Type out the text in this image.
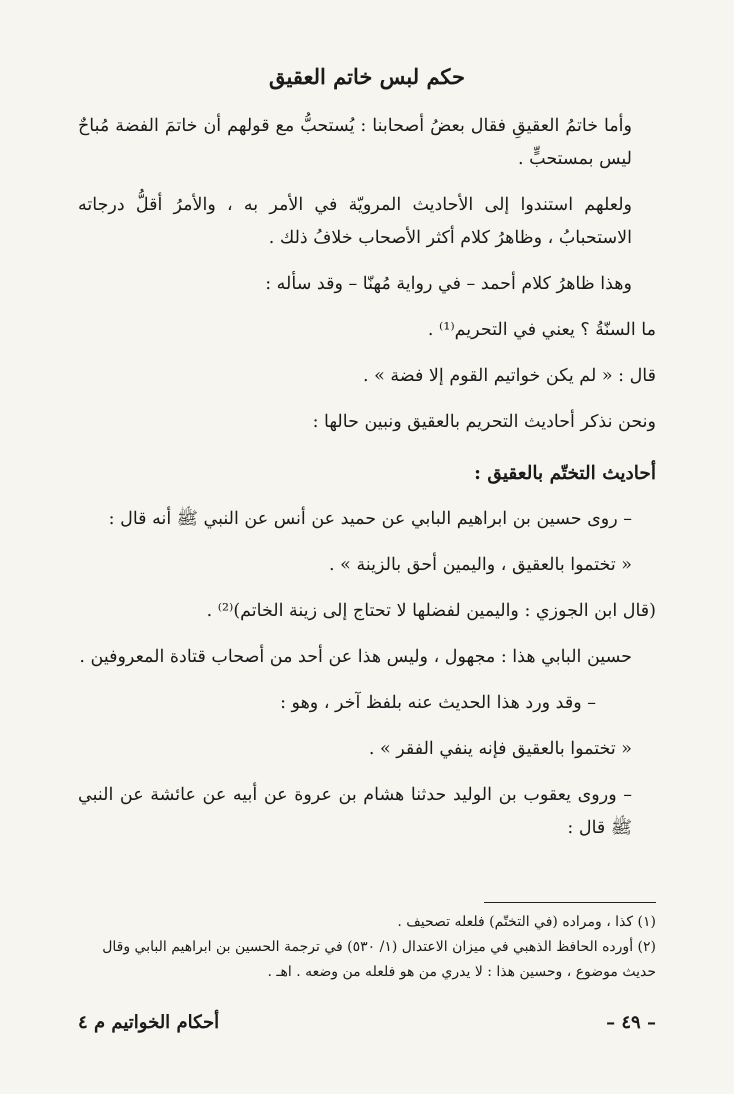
حكم لبس خاتم العقيق

وأما خاتمُ العقيقِ فقال بعضُ أصحابنا : يُستحبُّ مع قولهم أن خاتمَ الفضة مُباحٌ ليس بمستحبٍّ .

ولعلهم استندوا إلى الأحاديث المرويّة في الأمر به ، والأمرُ أقلُّ درجاته الاستحبابُ ، وظاهرُ كلام أكثر الأصحاب خلافُ ذلك .

وهذا ظاهرُ كلام أحمد – في رواية مُهنّا – وقد سأله :

ما السنّةُ ؟ يعني في التحريم⁽¹⁾ .

قال : « لم يكن خواتيم القوم إلا فضة » .

ونحن نذكر أحاديث التحريم بالعقيق ونبين حالها :

أحاديث التختّم بالعقيق :

– روى حسين بن ابراهيم البابي عن حميد عن أنس عن النبي ﷺ أنه قال :

« تختموا بالعقيق ، واليمين أحق بالزينة » .

(قال ابن الجوزي : واليمين لفضلها لا تحتاج إلى زينة الخاتم)⁽²⁾ .

حسين البابي هذا : مجهول ، وليس هذا عن أحد من أصحاب قتادة المعروفين .

– وقد ورد هذا الحديث عنه بلفظ آخر ، وهو :

« تختموا بالعقيق فإنه ينفي الفقر » .

– وروى يعقوب بن الوليد حدثنا هشام بن عروة عن أبيه عن عائشة عن النبي ﷺ قال :

(١) كذا ، ومراده (في التختّم) فلعله تصحيف .

(٢) أورده الحافظ الذهبي في ميزان الاعتدال (١/ ٥٣٠) في ترجمة الحسين بن ابراهيم البابي وقال حديث موضوع ، وحسين هذا : لا يدري من هو فلعله من وضعه . اهـ .

– ٤٩ –
أحكام الخواتيم م ٤
